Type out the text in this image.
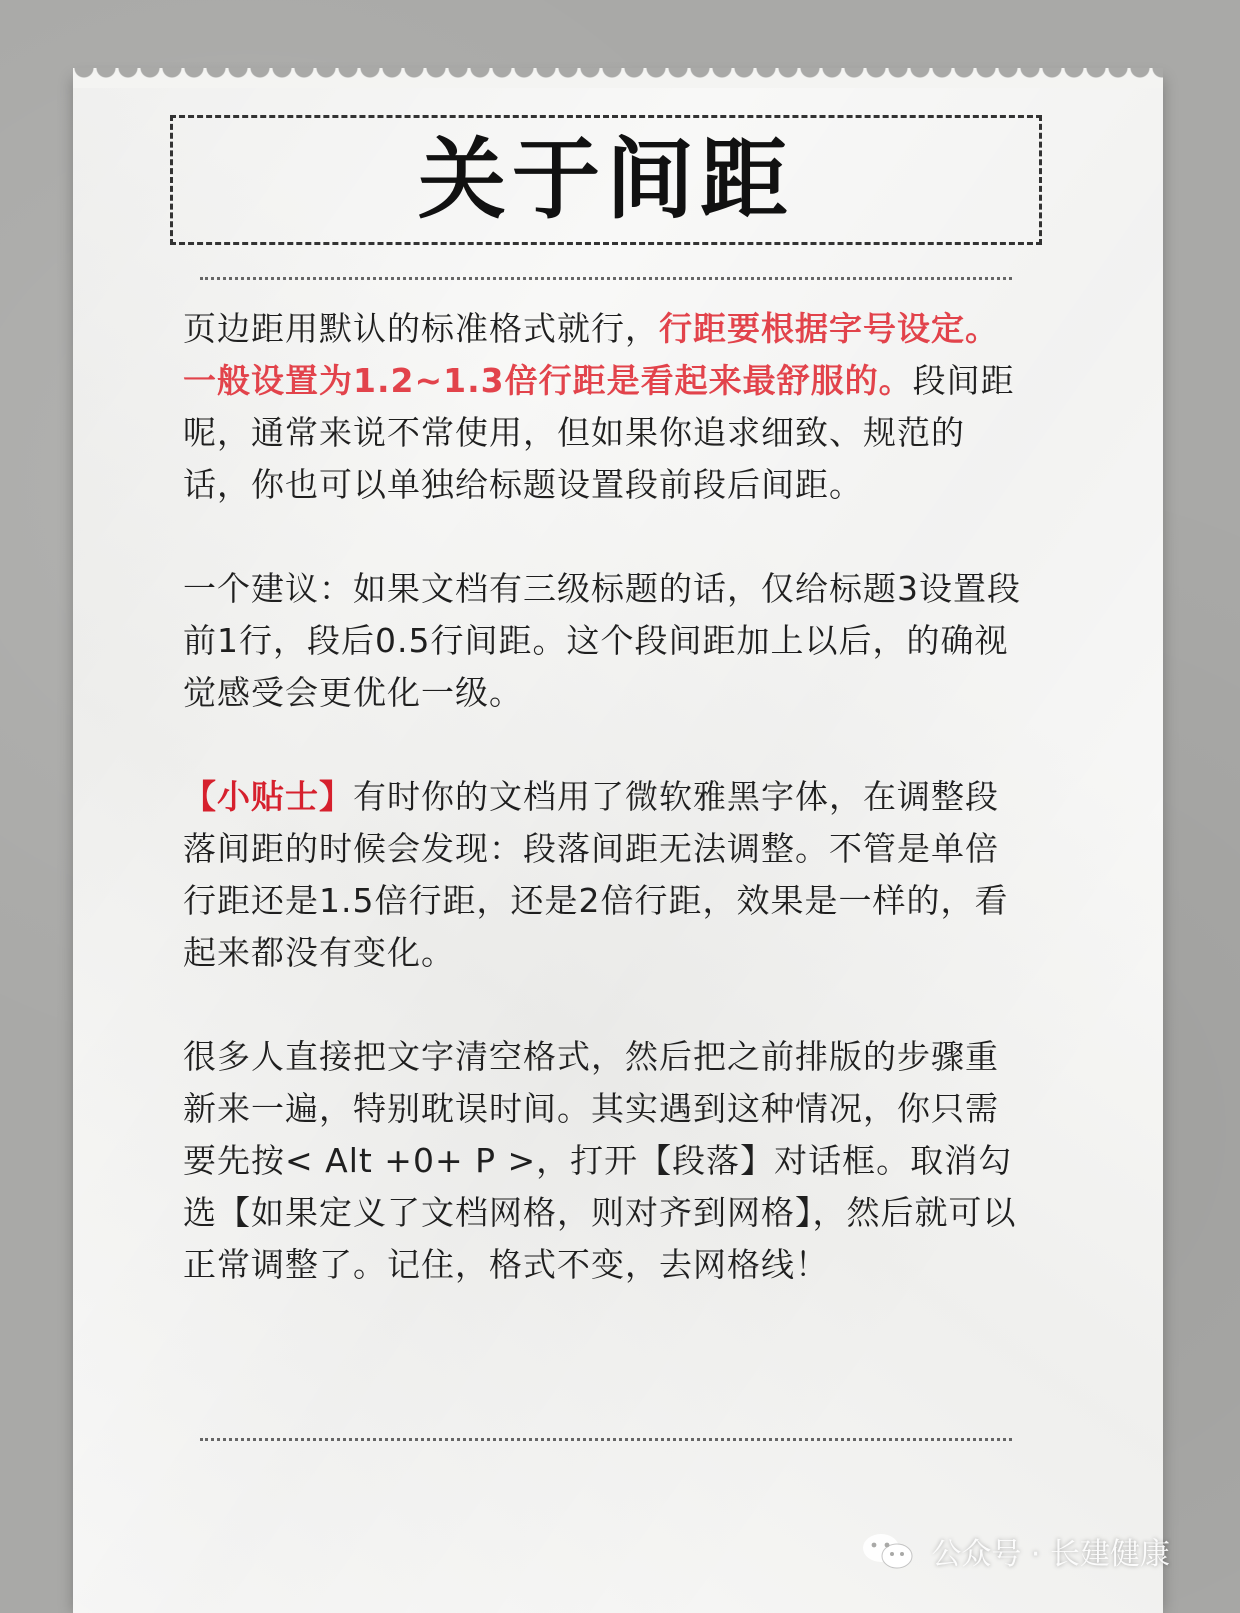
关于间距

页边距用默认的标准格式就行，行距要根据字号设定。一般设置为1.2~1.3倍行距是看起来最舒服的。段间距呢，通常来说不常使用，但如果你追求细致、规范的话，你也可以单独给标题设置段前段后间距。

一个建议：如果文档有三级标题的话，仅给标题3设置段前1行，段后0.5行间距。这个段间距加上以后，的确视觉感受会更优化一级。

【小贴士】有时你的文档用了微软雅黑字体，在调整段落间距的时候会发现：段落间距无法调整。不管是单倍行距还是1.5倍行距，还是2倍行距，效果是一样的，看起来都没有变化。

很多人直接把文字清空格式，然后把之前排版的步骤重新来一遍，特别耽误时间。其实遇到这种情况，你只需要先按< Alt +0+ P >，打开【段落】对话框。取消勾选【如果定义了文档网格，则对齐到网格】，然后就可以正常调整了。记住，格式不变，去网格线！

公众号 · 长建健康
